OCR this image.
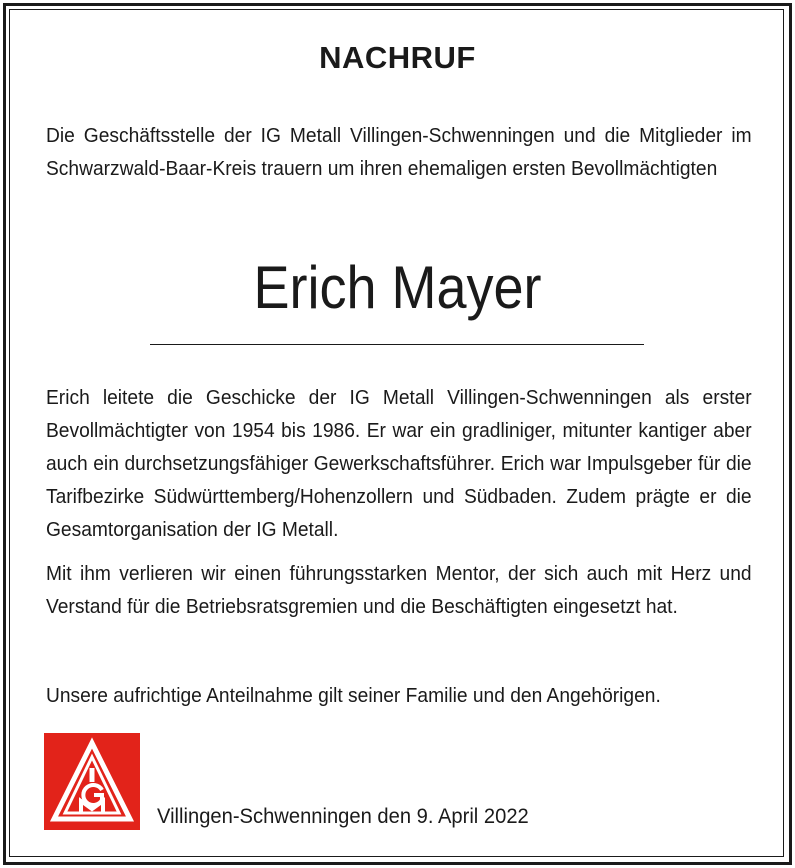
NACHRUF
Die Geschäftsstelle der IG Metall Villingen-Schwenningen und die Mitglieder im Schwarzwald-Baar-Kreis trauern um ihren ehemaligen ersten Bevollmächtigten
Erich Mayer
Erich leitete die Geschicke der IG Metall Villingen-Schwenningen als erster Bevollmächtigter von 1954 bis 1986. Er war ein gradliniger, mitunter kantiger aber auch ein durchsetzungsfähiger Gewerkschaftsführer. Erich war Impulsgeber für die Tarifbezirke Südwürttemberg/Hohenzollern und Südbaden. Zudem prägte er die Gesamtorganisation der IG Metall.
Mit ihm verlieren wir einen führungsstarken Mentor, der sich auch mit Herz und Verstand für die Betriebsratsgremien und die Beschäftigten eingesetzt hat.
Unsere aufrichtige Anteilnahme gilt seiner Familie und den Angehörigen.
Villingen-Schwenningen den 9. April 2022
